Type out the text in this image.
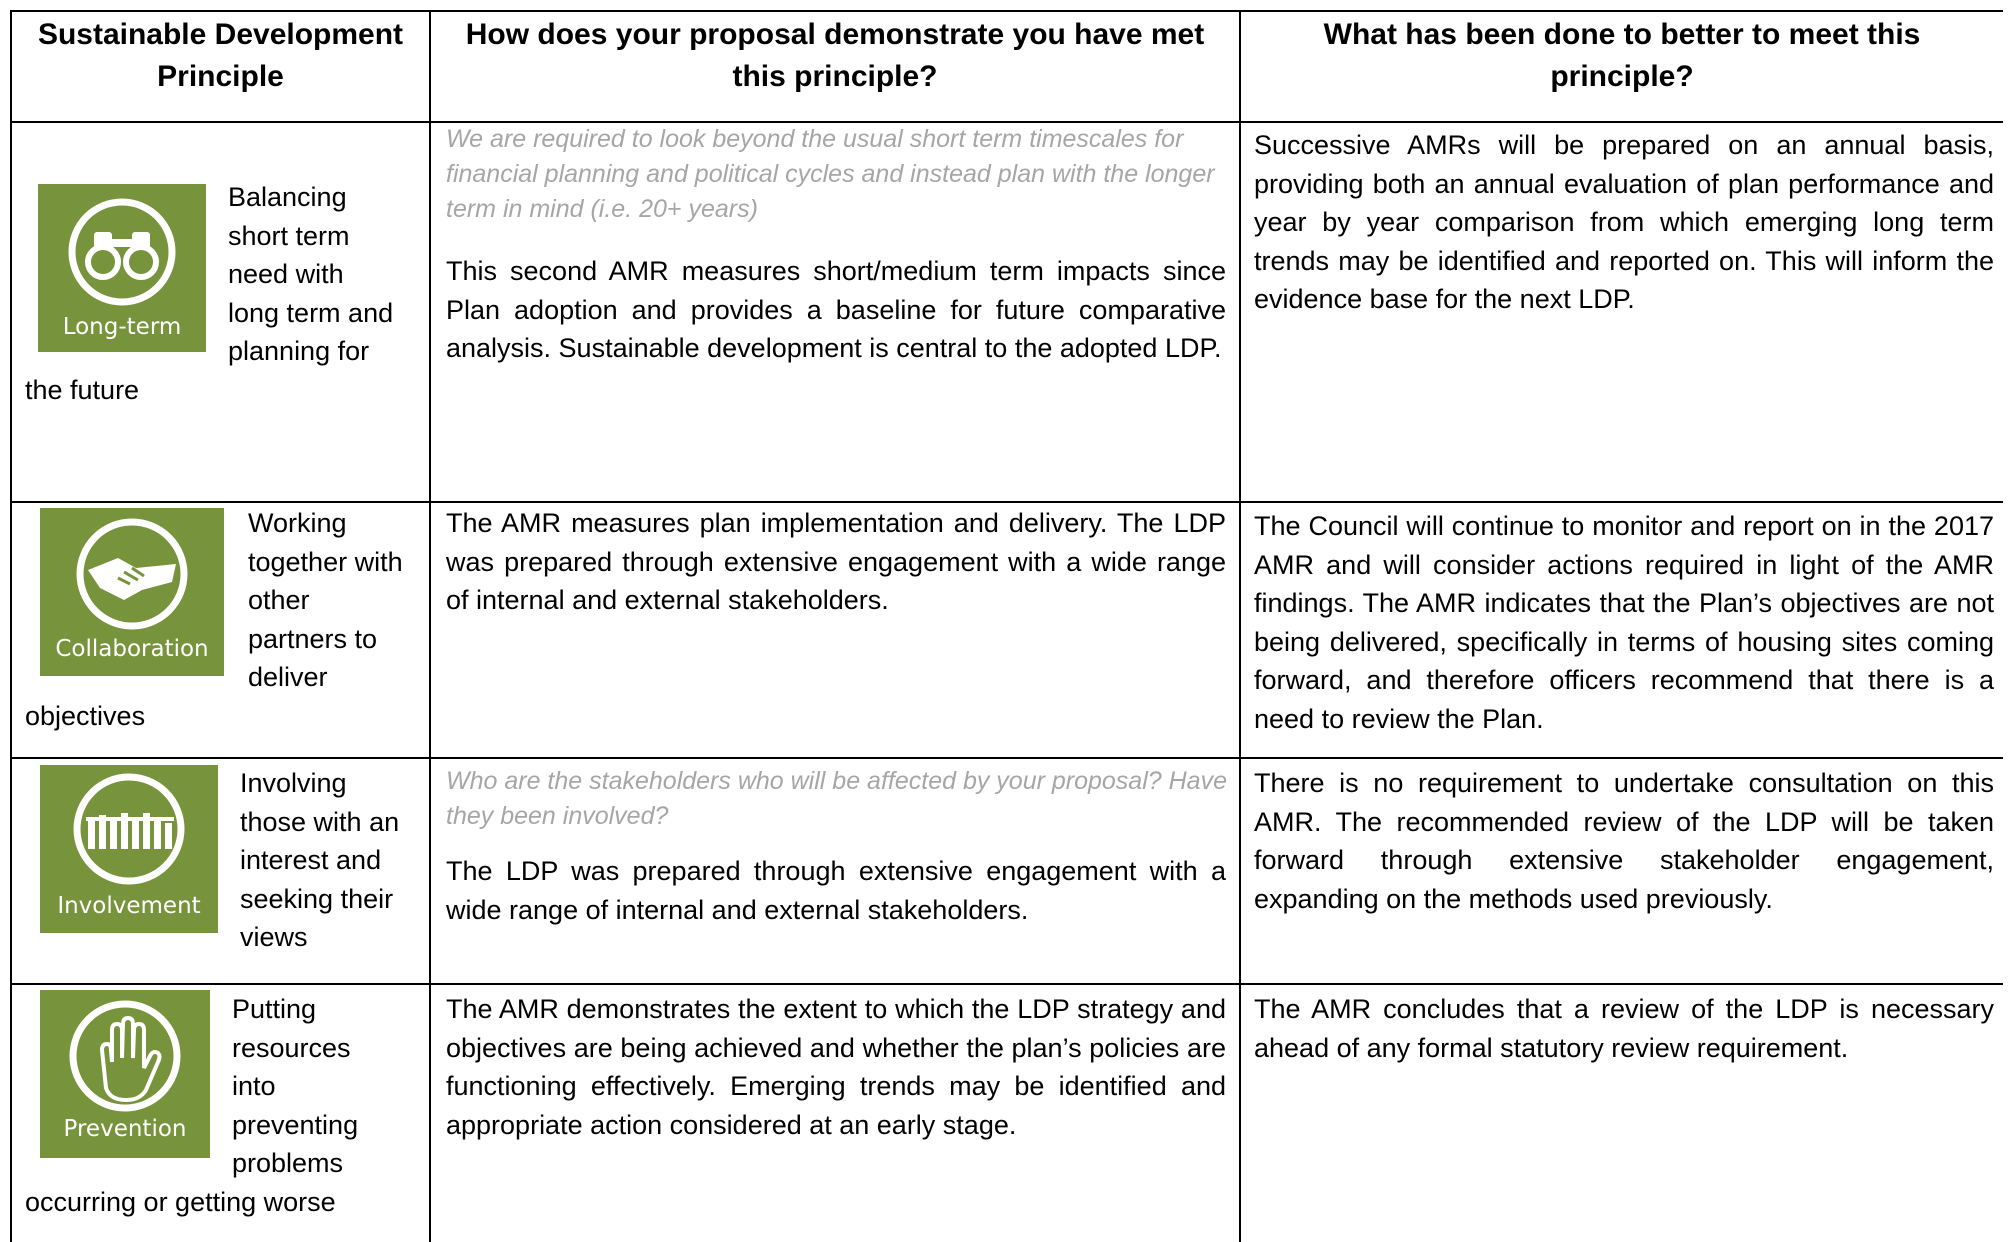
Sustainable Development Principle
How does your proposal demonstrate you have met this principle?
What has been done to better to meet this principle?
Long-term
Balancing
short term
need with
long term and
planning for
the future
We are required to look beyond the usual short term timescales for financial planning and political cycles and instead plan with the longer term in mind (i.e. 20+ years)
This second AMR measures short/medium term impacts since Plan adoption and provides a baseline for future comparative analysis. Sustainable development is central to the adopted LDP.
Successive AMRs will be prepared on an annual basis, providing both an annual evaluation of plan performance and year by year comparison from which emerging long term trends may be identified and reported on. This will inform the evidence base for the next LDP.
Collaboration
Working
together with
other
partners to
deliver
objectives
The AMR measures plan implementation and delivery. The LDP was prepared through extensive engagement with a wide range of internal and external stakeholders.
The Council will continue to monitor and report on in the 2017 AMR and will consider actions required in light of the AMR findings. The AMR indicates that the Plan’s objectives are not being delivered, specifically in terms of housing sites coming forward, and therefore officers recommend that there is a need to review the Plan.
Involvement
Involving
those with an
interest and
seeking their
views
Who are the stakeholders who will be affected by your proposal? Have they been involved?
The LDP was prepared through extensive engagement with a wide range of internal and external stakeholders.
There is no requirement to undertake consultation on this AMR. The recommended review of the LDP will be taken forward through extensive stakeholder engagement, expanding on the methods used previously.
Prevention
Putting
resources
into
preventing
problems
occurring or getting worse
The AMR demonstrates the extent to which the LDP strategy and objectives are being achieved and whether the plan’s policies are functioning effectively. Emerging trends may be identified and appropriate action considered at an early stage.
The AMR concludes that a review of the LDP is necessary ahead of any formal statutory review requirement.
